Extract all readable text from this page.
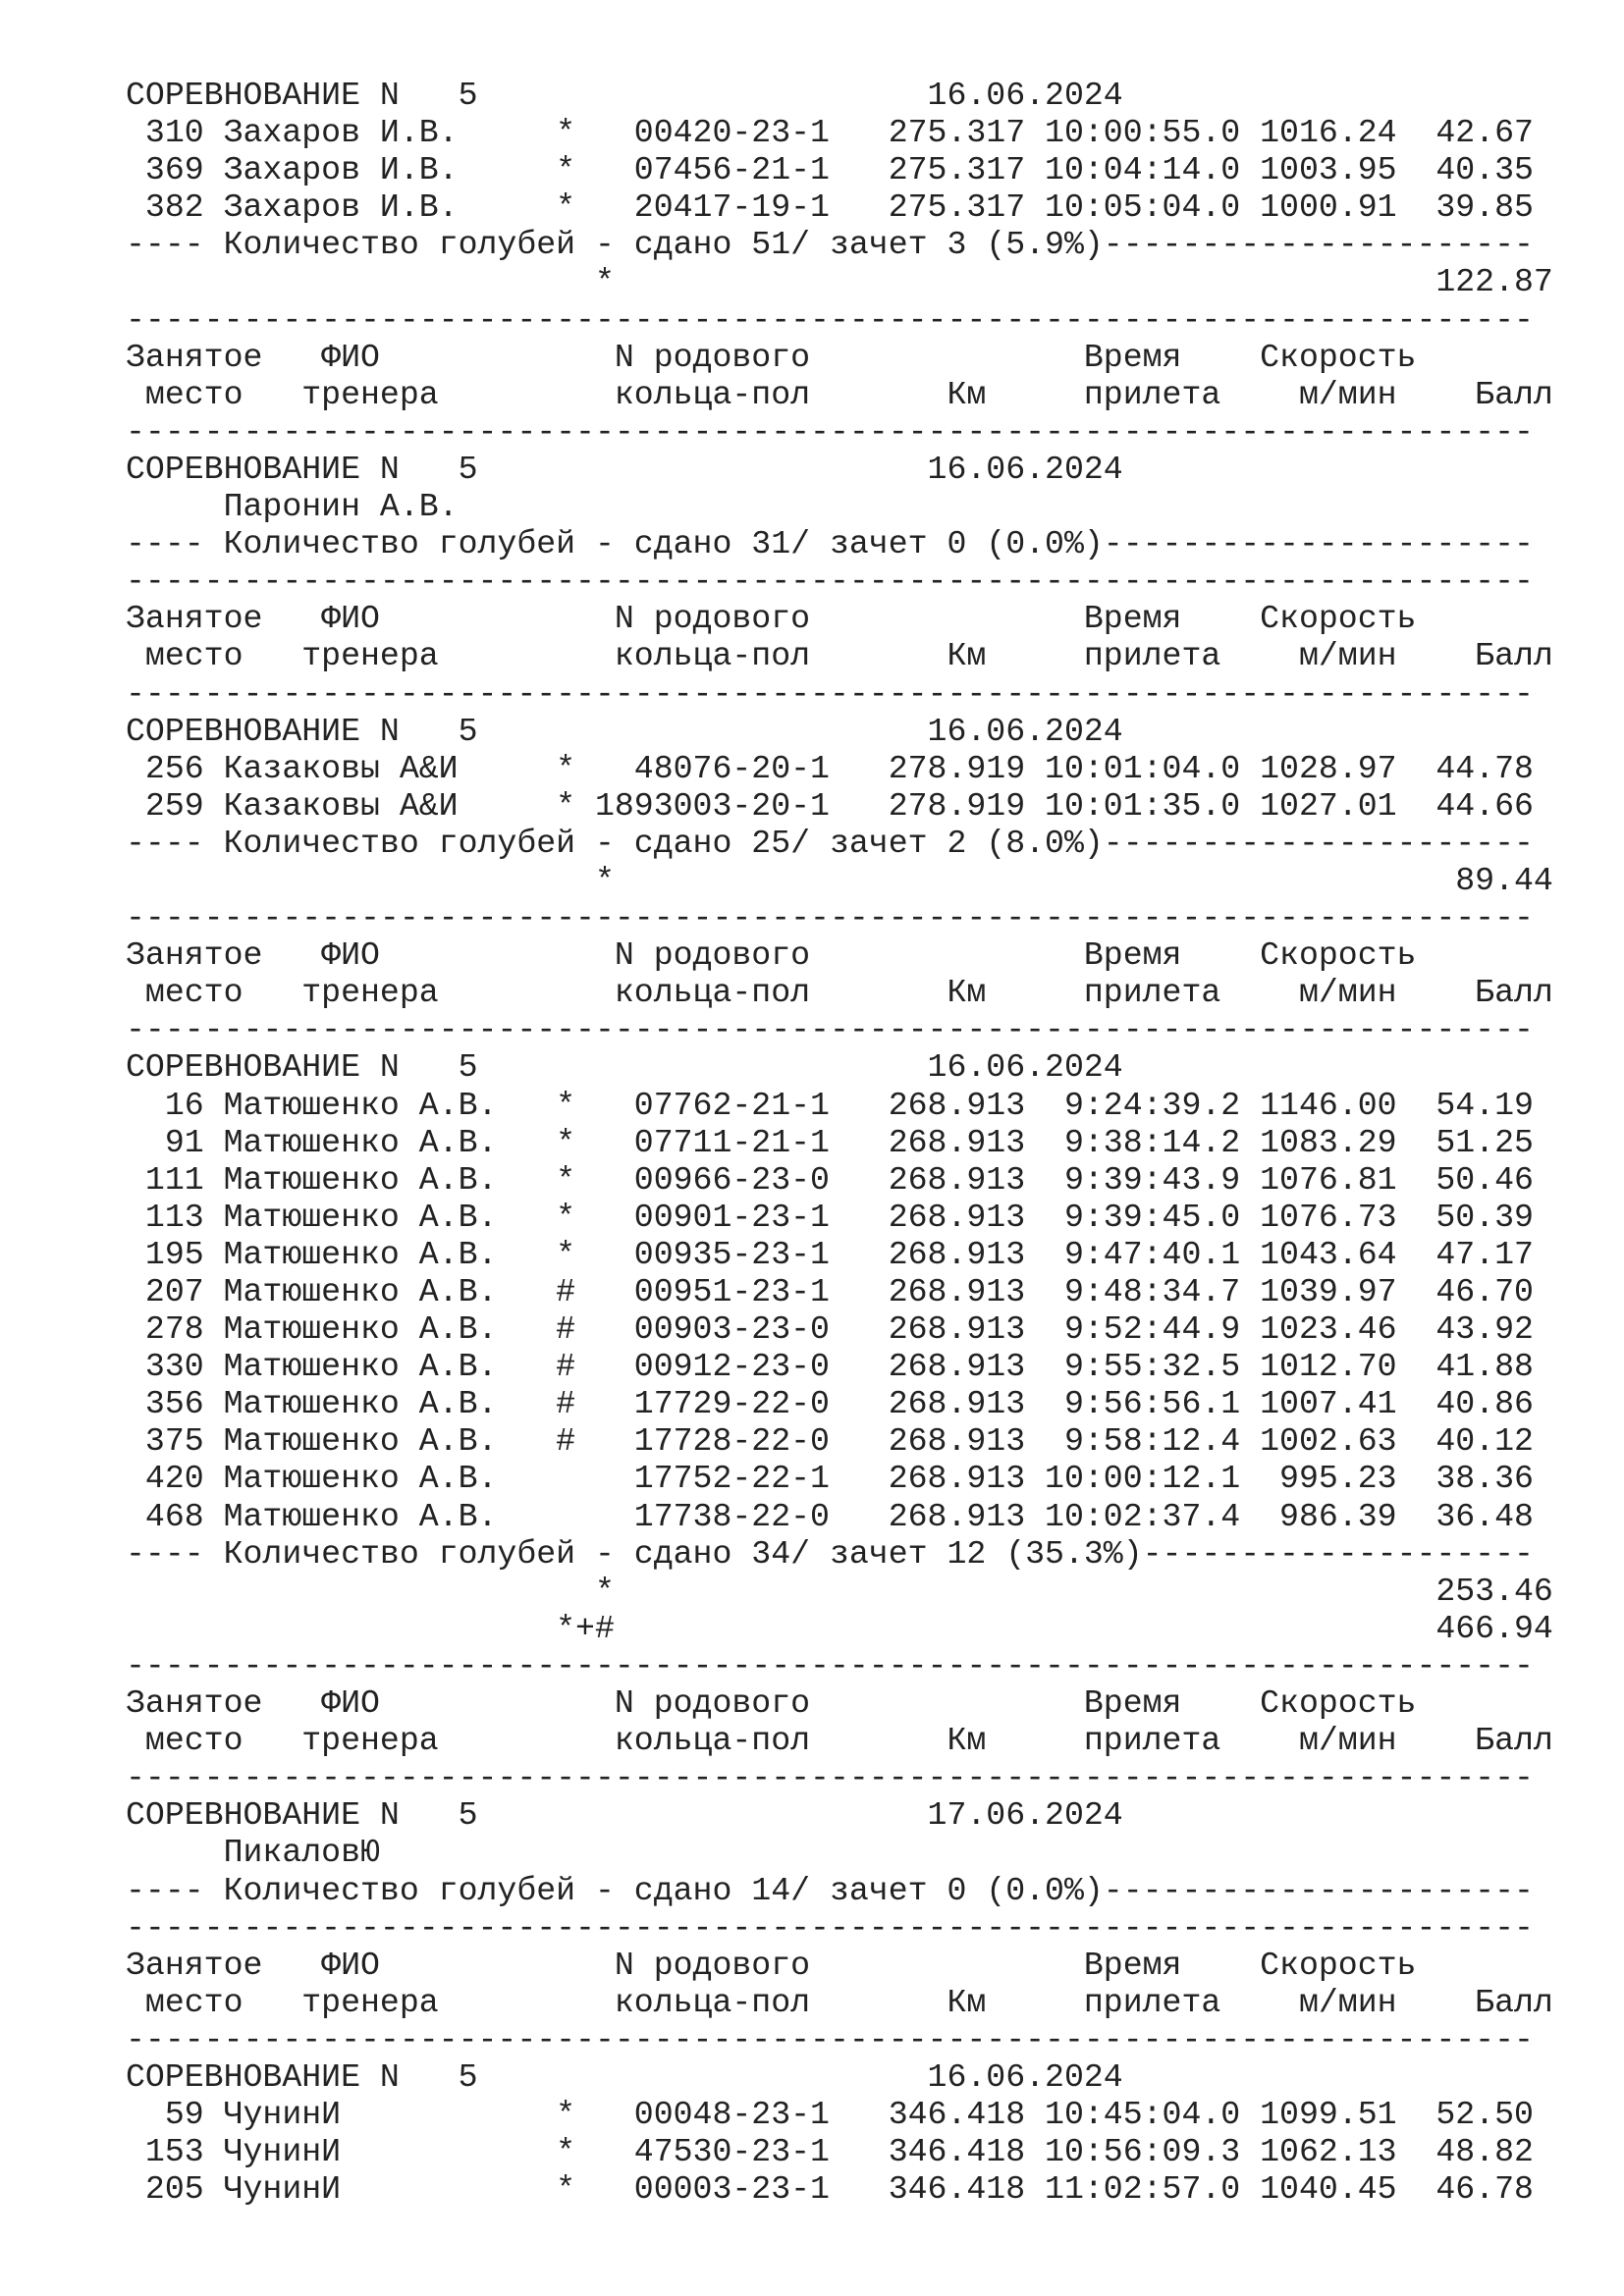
СОРЕВНОВАНИЕ N   5                       16.06.2024
310 Захаров И.В.     *   00420-23-1   275.317 10:00:55.0 1016.24  42.67
369 Захаров И.В.     *   07456-21-1   275.317 10:04:14.0 1003.95  40.35
382 Захаров И.В.     *   20417-19-1   275.317 10:05:04.0 1000.91  39.85
---- Количество голубей - сдано 51/ зачет 3 (5.9%)----------------------
*                                          122.87
------------------------------------------------------------------------
Занятое   ФИО            N родового              Время    Скорость
место   тренера         кольца-пол       Км     прилета    м/мин    Балл
------------------------------------------------------------------------
СОРЕВНОВАНИЕ N   5                       16.06.2024
Паронин А.В.
---- Количество голубей - сдано 31/ зачет 0 (0.0%)----------------------
------------------------------------------------------------------------
Занятое   ФИО            N родового              Время    Скорость
место   тренера         кольца-пол       Км     прилета    м/мин    Балл
------------------------------------------------------------------------
СОРЕВНОВАНИЕ N   5                       16.06.2024
256 Казаковы А&И     *   48076-20-1   278.919 10:01:04.0 1028.97  44.78
259 Казаковы А&И     * 1893003-20-1   278.919 10:01:35.0 1027.01  44.66
---- Количество голубей - сдано 25/ зачет 2 (8.0%)----------------------
*                                           89.44
------------------------------------------------------------------------
Занятое   ФИО            N родового              Время    Скорость
место   тренера         кольца-пол       Км     прилета    м/мин    Балл
------------------------------------------------------------------------
СОРЕВНОВАНИЕ N   5                       16.06.2024
16 Матюшенко А.В.   *   07762-21-1   268.913  9:24:39.2 1146.00  54.19
91 Матюшенко А.В.   *   07711-21-1   268.913  9:38:14.2 1083.29  51.25
111 Матюшенко А.В.   *   00966-23-0   268.913  9:39:43.9 1076.81  50.46
113 Матюшенко А.В.   *   00901-23-1   268.913  9:39:45.0 1076.73  50.39
195 Матюшенко А.В.   *   00935-23-1   268.913  9:47:40.1 1043.64  47.17
207 Матюшенко А.В.   #   00951-23-1   268.913  9:48:34.7 1039.97  46.70
278 Матюшенко А.В.   #   00903-23-0   268.913  9:52:44.9 1023.46  43.92
330 Матюшенко А.В.   #   00912-23-0   268.913  9:55:32.5 1012.70  41.88
356 Матюшенко А.В.   #   17729-22-0   268.913  9:56:56.1 1007.41  40.86
375 Матюшенко А.В.   #   17728-22-0   268.913  9:58:12.4 1002.63  40.12
420 Матюшенко А.В.       17752-22-1   268.913 10:00:12.1  995.23  38.36
468 Матюшенко А.В.       17738-22-0   268.913 10:02:37.4  986.39  36.48
---- Количество голубей - сдано 34/ зачет 12 (35.3%)--------------------
*                                          253.46
*+#                                          466.94
------------------------------------------------------------------------
Занятое   ФИО            N родового              Время    Скорость
место   тренера         кольца-пол       Км     прилета    м/мин    Балл
------------------------------------------------------------------------
СОРЕВНОВАНИЕ N   5                       17.06.2024
ПикаловЮ
---- Количество голубей - сдано 14/ зачет 0 (0.0%)----------------------
------------------------------------------------------------------------
Занятое   ФИО            N родового              Время    Скорость
место   тренера         кольца-пол       Км     прилета    м/мин    Балл
------------------------------------------------------------------------
СОРЕВНОВАНИЕ N   5                       16.06.2024
59 ЧунинИ           *   00048-23-1   346.418 10:45:04.0 1099.51  52.50
153 ЧунинИ           *   47530-23-1   346.418 10:56:09.3 1062.13  48.82
205 ЧунинИ           *   00003-23-1   346.418 11:02:57.0 1040.45  46.78
